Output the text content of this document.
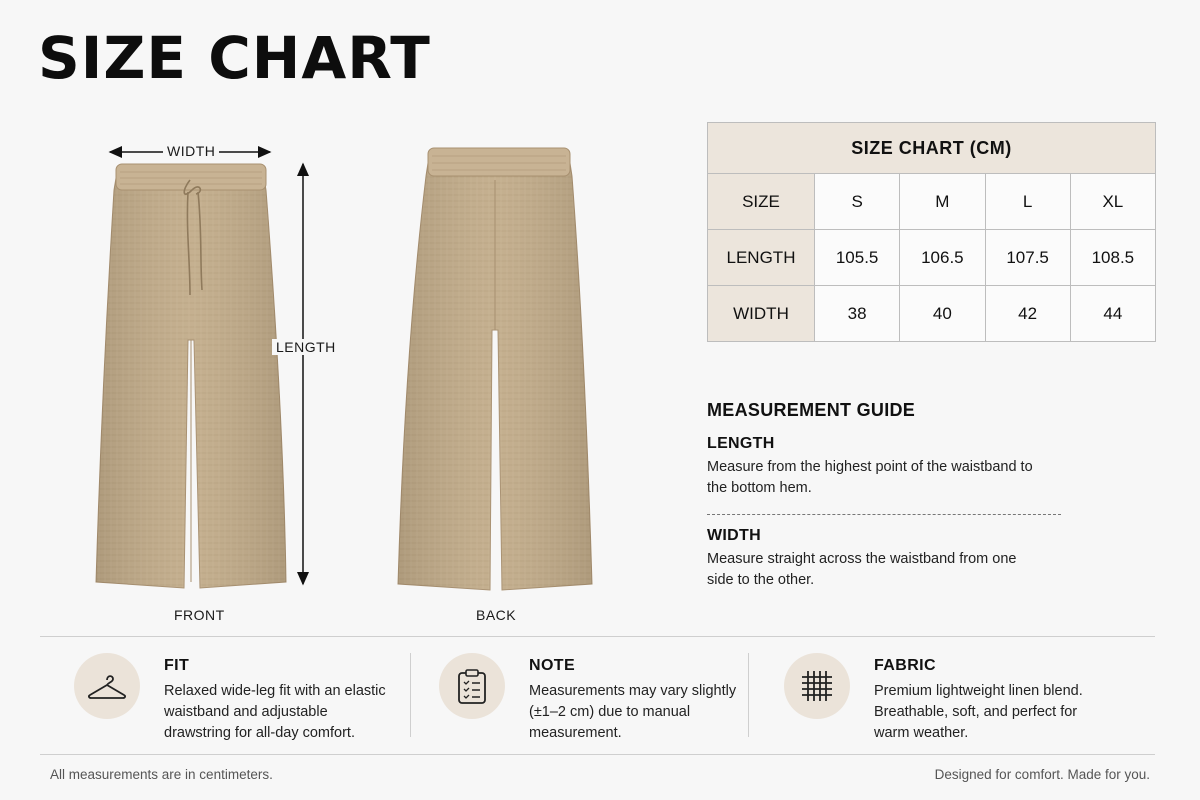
SIZE CHART
WIDTH
LENGTH
FRONT	BACK
SIZE CHART (CM)				
SIZE	S	M	L	XL
LENGTH	105.5	106.5	107.5	108.5
WIDTH	38	40	42	44
MEASUREMENT GUIDE
LENGTH
Measure from the highest point of the waistband to the bottom hem.
WIDTH
Measure straight across the waistband from one side to the other.
FIT
Relaxed wide-leg fit with an elastic waistband and adjustable drawstring for all-day comfort.
NOTE
Measurements may vary slightly (±1–2 cm) due to manual measurement.
FABRIC
Premium lightweight linen blend. Breathable, soft, and perfect for warm weather.
All measurements are in centimeters.	Designed for comfort. Made for you.
